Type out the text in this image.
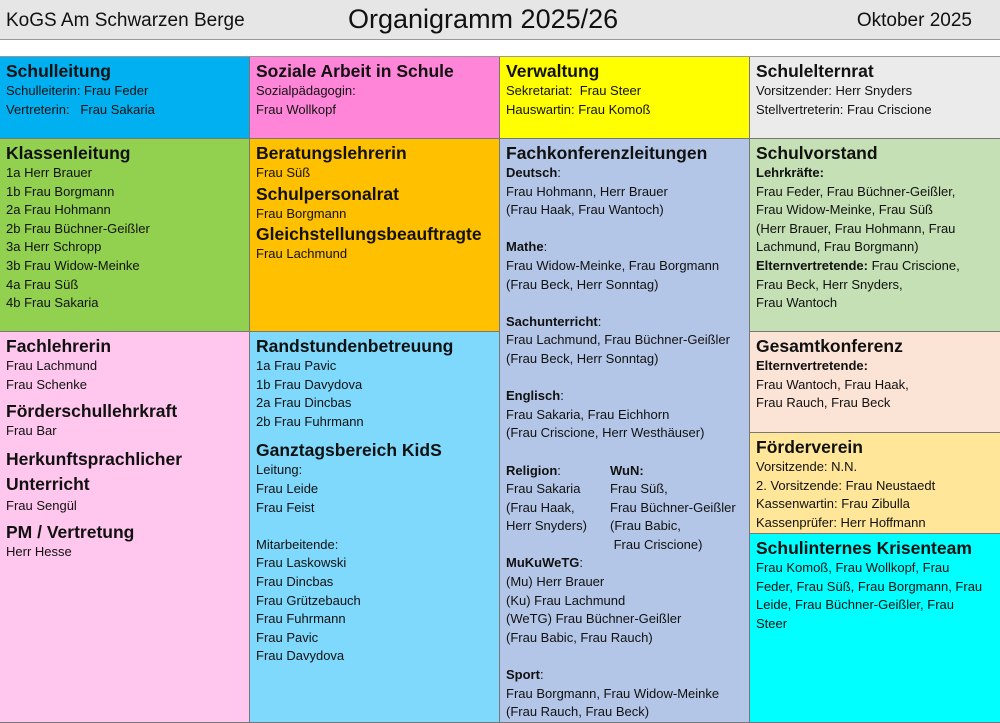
KoGS Am Schwarzen Berge	Organigramm 2025/26	Oktober 2025
Schulleitung
Schulleiterin: Frau Feder
Vertreterin:   Frau Sakaria
Soziale Arbeit in Schule
Sozialpädagogin:
Frau Wollkopf
Verwaltung
Sekretariat:  Frau Steer
Hauswartin: Frau Komoß
Schulelternrat
Vorsitzender: Herr Snyders
Stellvertreterin: Frau Criscione
Klassenleitung
1a Herr Brauer
1b Frau Borgmann
2a Frau Hohmann
2b Frau Büchner-Geißler
3a Herr Schropp
3b Frau Widow-Meinke
4a Frau Süß
4b Frau Sakaria
Beratungslehrerin
Frau Süß
Schulpersonalrat
Frau Borgmann
Gleichstellungsbeauftragte
Frau Lachmund
Fachkonferenzleitungen
Deutsch:
Frau Hohmann, Herr Brauer
(Frau Haak, Frau Wantoch)
Mathe:
Frau Widow-Meinke, Frau Borgmann
(Frau Beck, Herr Sonntag)
Sachunterricht:
Frau Lachmund, Frau Büchner-Geißler
(Frau Beck, Herr Sonntag)
Englisch:
Frau Sakaria, Frau Eichhorn
(Frau Criscione, Herr Westhäuser)
Religion:
Frau Sakaria
(Frau Haak,
Herr Snyders)
WuN:
Frau Süß,
Frau Büchner-Geißler
(Frau Babic,
Frau Criscione)
MuKuWeTG:
(Mu) Herr Brauer
(Ku) Frau Lachmund
(WeTG) Frau Büchner-Geißler
(Frau Babic, Frau Rauch)
Sport:
Frau Borgmann, Frau Widow-Meinke
(Frau Rauch, Frau Beck)
Schulvorstand
Lehrkräfte:
Frau Feder, Frau Büchner-Geißler,
Frau Widow-Meinke, Frau Süß
(Herr Brauer, Frau Hohmann, Frau
Lachmund, Frau Borgmann)
Elternvertretende: Frau Criscione,
Frau Beck, Herr Snyders,
Frau Wantoch
Fachlehrerin
Frau Lachmund
Frau Schenke
Förderschullehrkraft
Frau Bar
Herkunftsprachlicher
Unterricht
Frau Sengül
PM / Vertretung
Herr Hesse
Randstundenbetreuung
1a Frau Pavic
1b Frau Davydova
2a Frau Dincbas
2b Frau Fuhrmann
Ganztagsbereich KidS
Leitung:
Frau Leide
Frau Feist
Mitarbeitende:
Frau Laskowski
Frau Dincbas
Frau Grützebauch
Frau Fuhrmann
Frau Pavic
Frau Davydova
Gesamtkonferenz
Elternvertretende:
Frau Wantoch, Frau Haak,
Frau Rauch, Frau Beck
Förderverein
Vorsitzende: N.N.
2. Vorsitzende: Frau Neustaedt
Kassenwartin: Frau Zibulla
Kassenprüfer: Herr Hoffmann
Schulinternes Krisenteam
Frau Komoß, Frau Wollkopf, Frau
Feder, Frau Süß, Frau Borgmann, Frau
Leide, Frau Büchner-Geißler, Frau
Steer
